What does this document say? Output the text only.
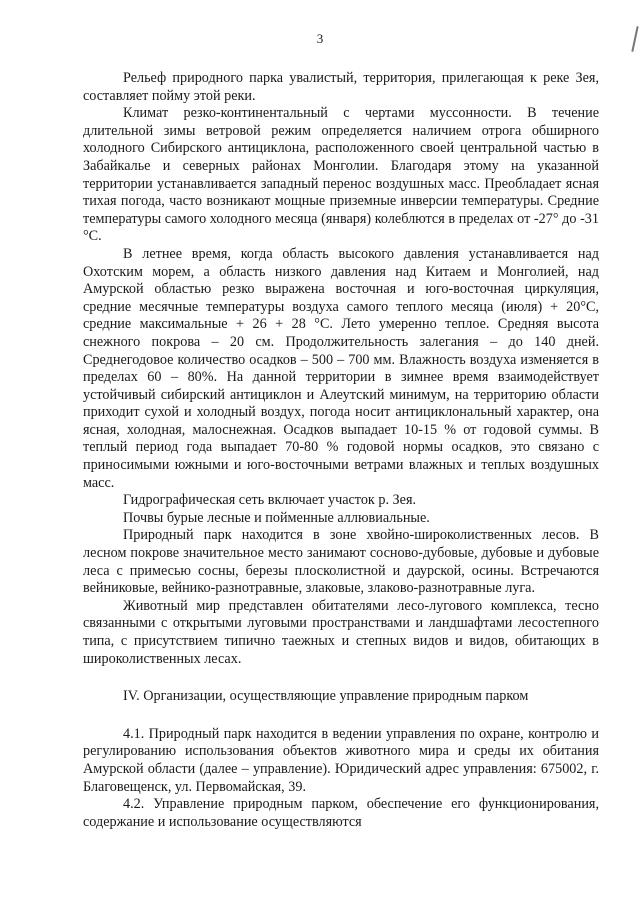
3

Рельеф природного парка увалистый, территория, прилегающая к реке Зея, составляет пойму этой реки.

Климат резко-континентальный с чертами муссонности. В течение длительной зимы ветровой режим определяется наличием отрога обширного холодного Сибирского антициклона, расположенного своей центральной частью в Забайкалье и северных районах Монголии. Благодаря этому на указанной территории устанавливается западный перенос воздушных масс. Преобладает ясная тихая погода, часто возникают мощные приземные инверсии температуры. Средние температуры самого холодного месяца (января) колеблются в пределах от -27° до -31 °С.

В летнее время, когда область высокого давления устанавливается над Охотским морем, а область низкого давления над Китаем и Монголией, над Амурской областью резко выражена восточная и юго-восточная циркуляция, средние месячные температуры воздуха самого теплого месяца (июля) + 20°С, средние максимальные + 26 + 28 °С. Лето умеренно теплое. Средняя высота снежного покрова – 20 см. Продолжительность залегания – до 140 дней. Среднегодовое количество осадков – 500 – 700 мм. Влажность воздуха изменяется в пределах 60 – 80%. На данной территории в зимнее время взаимодействует устойчивый сибирский антициклон и Алеутский минимум, на территорию области приходит сухой и холодный воздух, погода носит антициклональный характер, она ясная, холодная, малоснежная. Осадков выпадает 10-15 % от годовой суммы. В теплый период года выпадает 70-80 % годовой нормы осадков, это связано с приносимыми южными и юго-восточными ветрами влажных и теплых воздушных масс.

Гидрографическая сеть включает участок р. Зея.

Почвы бурые лесные и пойменные аллювиальные.

Природный парк находится в зоне хвойно-широколиственных лесов. В лесном покрове значительное место занимают сосново-дубовые, дубовые и дубовые леса с примесью сосны, березы плосколистной и даурской, осины. Встречаются вейниковые, вейнико-разнотравные, злаковые, злаково-разнотравные луга.

Животный мир представлен обитателями лесо-лугового комплекса, тесно связанными с открытыми луговыми пространствами и ландшафтами лесостепного типа, с присутствием типично таежных и степных видов и видов, обитающих в широколиственных лесах.

IV. Организации, осуществляющие управление природным парком

4.1. Природный парк находится в ведении управления по охране, контролю и регулированию использования объектов животного мира и среды их обитания Амурской области (далее – управление). Юридический адрес управления: 675002, г. Благовещенск, ул. Первомайская, 39.

4.2. Управление природным парком, обеспечение его функционирования, содержание и использование осуществляются
